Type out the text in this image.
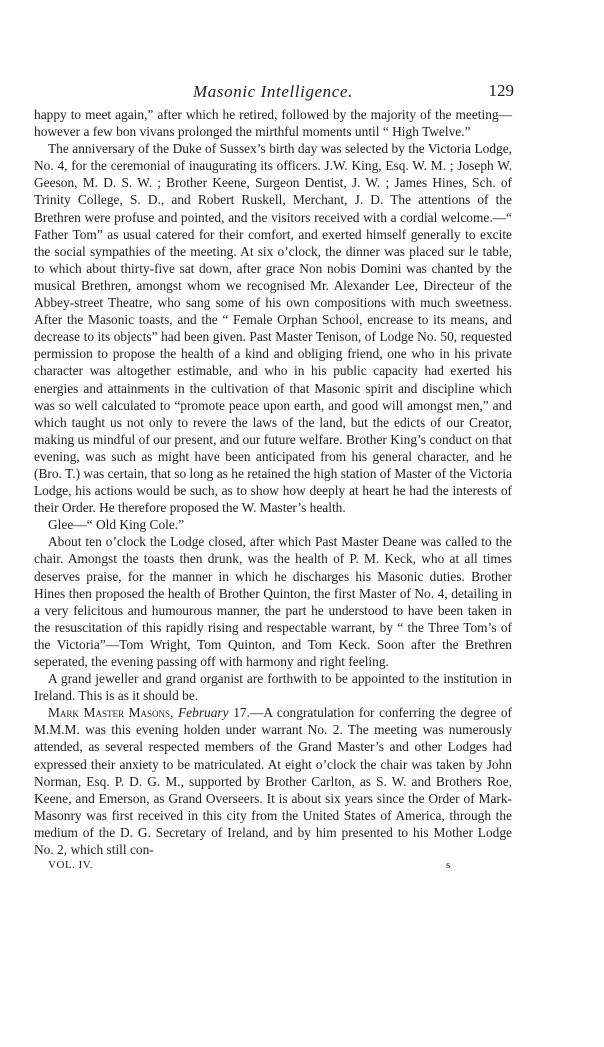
Masonic Intelligence.	129

happy to meet again,” after which he retired, followed by the majority of the meeting—however a few bon vivans prolonged the mirthful moments until “ High Twelve.”

The anniversary of the Duke of Sussex’s birth day was selected by the Victoria Lodge, No. 4, for the ceremonial of inaugurating its officers. J.W. King, Esq. W. M. ; Joseph W. Geeson, M. D. S. W. ; Brother Keene, Surgeon Dentist, J. W. ; James Hines, Sch. of Trinity College, S. D., and Robert Ruskell, Merchant, J. D. The attentions of the Brethren were profuse and pointed, and the visitors received with a cordial welcome.—“ Father Tom” as usual catered for their comfort, and exerted himself generally to excite the social sympathies of the meeting. At six o’clock, the dinner was placed sur le table, to which about thirty-five sat down, after grace Non nobis Domini was chanted by the musical Brethren, amongst whom we recognised Mr. Alexander Lee, Directeur of the Abbey-street Theatre, who sang some of his own compositions with much sweetness. After the Masonic toasts, and the “ Female Orphan School, encrease to its means, and decrease to its objects” had been given. Past Master Tenison, of Lodge No. 50, requested permission to propose the health of a kind and obliging friend, one who in his private character was altogether estimable, and who in his public capacity had exerted his energies and attainments in the cultivation of that Masonic spirit and discipline which was so well calculated to “promote peace upon earth, and good will amongst men,” and which taught us not only to revere the laws of the land, but the edicts of our Creator, making us mindful of our present, and our future welfare. Brother King’s conduct on that evening, was such as might have been anticipated from his general character, and he (Bro. T.) was certain, that so long as he retained the high station of Master of the Victoria Lodge, his actions would be such, as to show how deeply at heart he had the interests of their Order. He therefore proposed the W. Master’s health.

Glee—“ Old King Cole.”

About ten o’clock the Lodge closed, after which Past Master Deane was called to the chair. Amongst the toasts then drunk, was the health of P. M. Keck, who at all times deserves praise, for the manner in which he discharges his Masonic duties. Brother Hines then proposed the health of Brother Quinton, the first Master of No. 4, detailing in a very felicitous and humourous manner, the part he understood to have been taken in the resuscitation of this rapidly rising and respectable warrant, by “ the Three Tom’s of the Victoria”—Tom Wright, Tom Quinton, and Tom Keck. Soon after the Brethren seperated, the evening passing off with harmony and right feeling.

A grand jeweller and grand organist are forthwith to be appointed to the institution in Ireland. This is as it should be.

Mark Master Masons, February 17.—A congratulation for conferring the degree of M.M.M. was this evening holden under warrant No. 2. The meeting was numerously attended, as several respected members of the Grand Master’s and other Lodges had expressed their anxiety to be matriculated. At eight o’clock the chair was taken by John Norman, Esq. P. D. G. M., supported by Brother Carlton, as S. W. and Brothers Roe, Keene, and Emerson, as Grand Overseers. It is about six years since the Order of Mark-Masonry was first received in this city from the United States of America, through the medium of the D. G. Secretary of Ireland, and by him presented to his Mother Lodge No. 2, which still con-

VOL. IV.	s
